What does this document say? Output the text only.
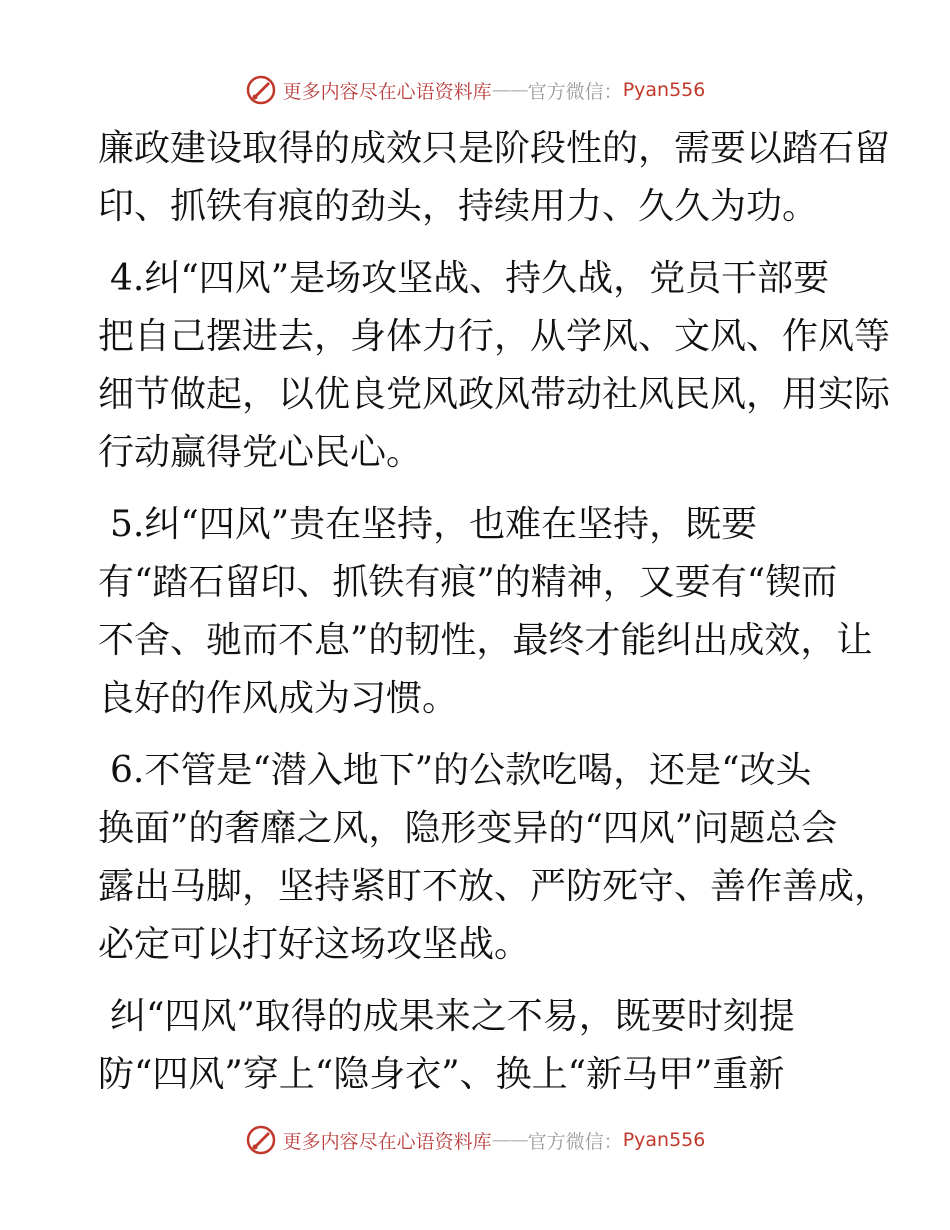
更多内容尽在心语资料库 —— 官方微信： Pyan556

廉政建设取得的成效只是阶段性的，需要以踏石留
印、抓铁有痕的劲头，持续用力、久久为功。

4.纠“四风”是场攻坚战、持久战，党员干部要
把自己摆进去，身体力行，从学风、文风、作风等
细节做起，以优良党风政风带动社风民风，用实际
行动赢得党心民心。

5.纠“四风”贵在坚持，也难在坚持，既要
有“踏石留印、抓铁有痕”的精神，又要有“锲而
不舍、驰而不息”的韧性，最终才能纠出成效，让
良好的作风成为习惯。

6.不管是“潜入地下”的公款吃喝，还是“改头
换面”的奢靡之风，隐形变异的“四风”问题总会
露出马脚，坚持紧盯不放、严防死守、善作善成，
必定可以打好这场攻坚战。

纠“四风”取得的成果来之不易，既要时刻提
防“四风”穿上“隐身衣”、换上“新马甲”重新

更多内容尽在心语资料库 —— 官方微信： Pyan556
